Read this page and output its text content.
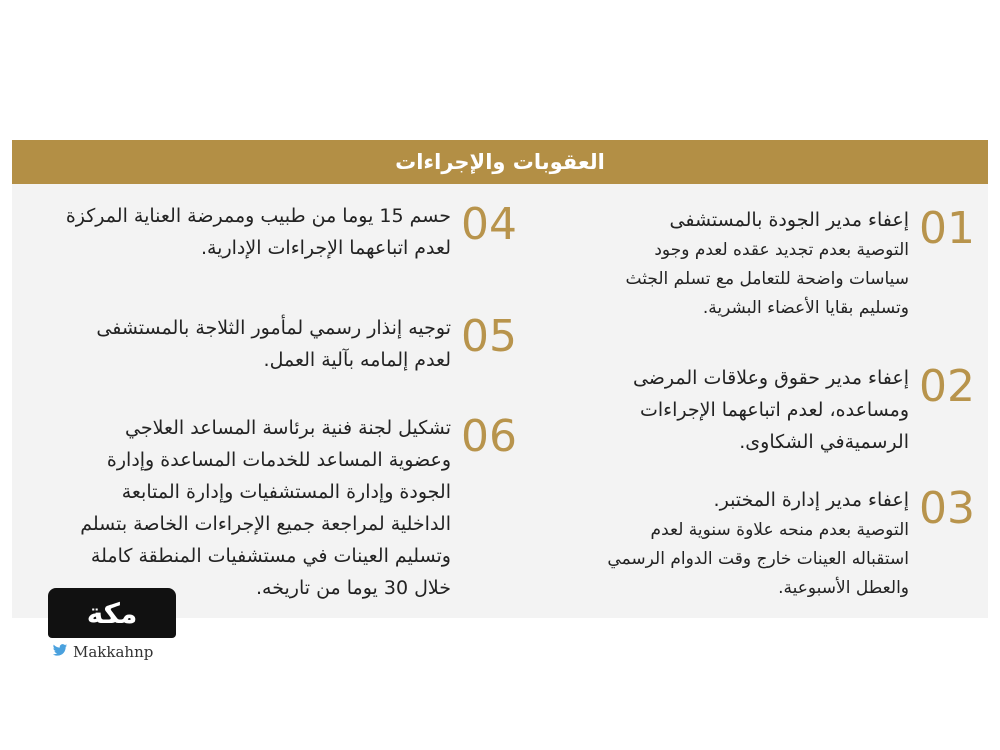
العقوبات والإجراءات
01
إعفاء مدير الجودة بالمستشفى
التوصية بعدم تجديد عقده لعدم وجود
سياسات واضحة للتعامل مع تسلم الجثث
وتسليم بقايا الأعضاء البشرية.
02
إعفاء مدير حقوق وعلاقات المرضى
ومساعده، لعدم اتباعهما الإجراءات
الرسميةفي الشكاوى.
03
إعفاء مدير إدارة المختبر.
التوصية بعدم منحه علاوة سنوية لعدم
استقباله العينات خارج وقت الدوام الرسمي
والعطل الأسبوعية.
04
حسم 15 يوما من طبيب وممرضة العناية المركزة
لعدم اتباعهما الإجراءات الإدارية.
05
توجيه إنذار رسمي لمأمور الثلاجة بالمستشفى
لعدم إلمامه بآلية العمل.
06
تشكيل لجنة فنية برئاسة المساعد العلاجي
وعضوية المساعد للخدمات المساعدة وإدارة
الجودة وإدارة المستشفيات وإدارة المتابعة
الداخلية لمراجعة جميع الإجراءات الخاصة بتسلم
وتسليم العينات في مستشفيات المنطقة كاملة
خلال 30 يوما من تاريخه.
مكة
Makkahnp
